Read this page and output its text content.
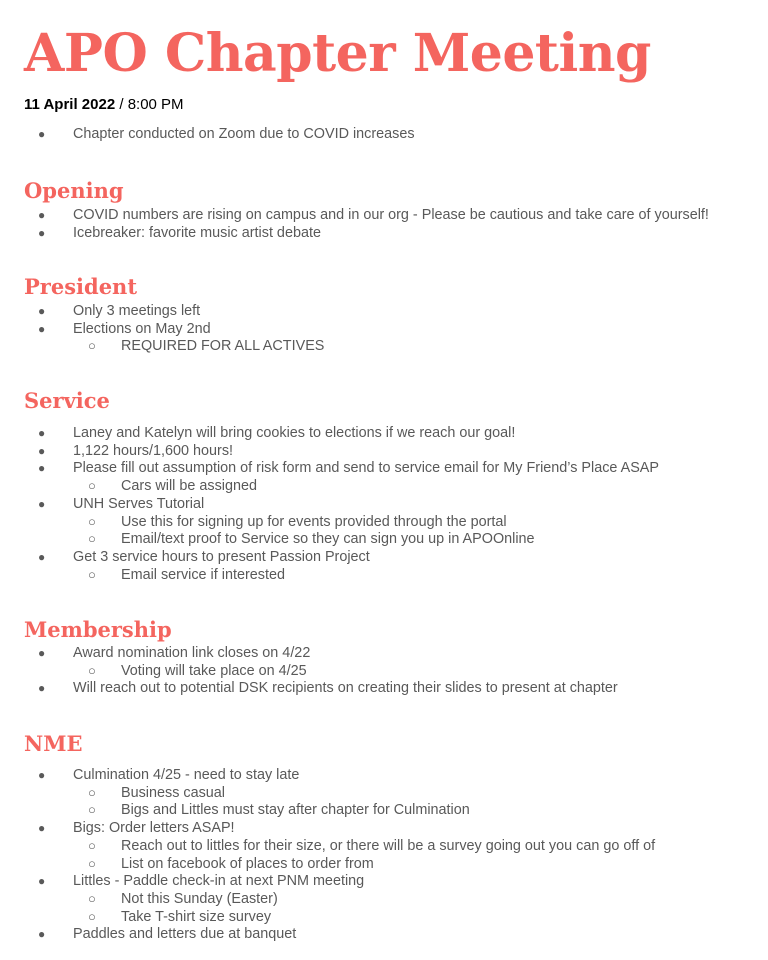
APO Chapter Meeting
11 April 2022 / 8:00 PM
● Chapter conducted on Zoom due to COVID increases
Opening
● COVID numbers are rising on campus and in our org - Please be cautious and take care of yourself!
● Icebreaker: favorite music artist debate
President
● Only 3 meetings left
● Elections on May 2nd
○ REQUIRED FOR ALL ACTIVES
Service
● Laney and Katelyn will bring cookies to elections if we reach our goal!
● 1,122 hours/1,600 hours!
● Please fill out assumption of risk form and send to service email for My Friend’s Place ASAP
○ Cars will be assigned
● UNH Serves Tutorial
○ Use this for signing up for events provided through the portal
○ Email/text proof to Service so they can sign you up in APOOnline
● Get 3 service hours to present Passion Project
○ Email service if interested
Membership
● Award nomination link closes on 4/22
○ Voting will take place on 4/25
● Will reach out to potential DSK recipients on creating their slides to present at chapter
NME
● Culmination 4/25 - need to stay late
○ Business casual
○ Bigs and Littles must stay after chapter for Culmination
● Bigs: Order letters ASAP!
○ Reach out to littles for their size, or there will be a survey going out you can go off of
○ List on facebook of places to order from
● Littles - Paddle check-in at next PNM meeting
○ Not this Sunday (Easter)
○ Take T-shirt size survey
● Paddles and letters due at banquet
